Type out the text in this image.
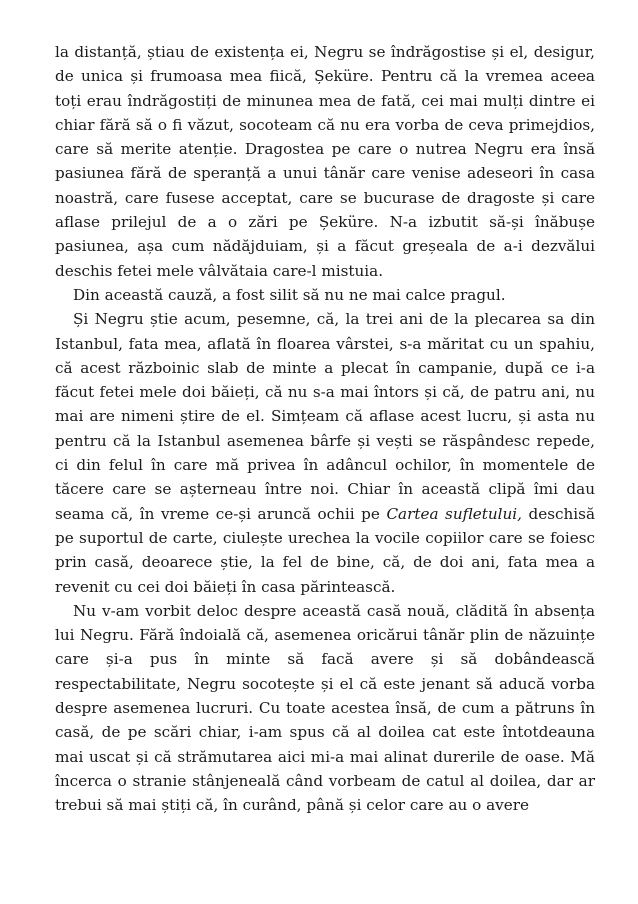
la distanță, știau de existența ei, Negru se îndrăgostise și el, desigur, de unica și frumoasa mea fiică, Șeküre. Pentru că la vremea aceea toți erau îndrăgostiți de minunea mea de fată, cei mai mulți dintre ei chiar fără să o fi văzut, socoteam că nu era vorba de ceva primejdios, care să merite atenție. Dragostea pe care o nutrea Negru era însă pasiunea fără de speranță a unui tânăr care venise adeseori în casa noastră, care fusese acceptat, care se bucurase de dragoste și care aflase prilejul de a o zări pe Șeküre. N-a izbutit să-și înăbușe pasiunea, așa cum nădăjduiam, și a făcut greșeala de a-i dezvălui deschis fetei mele vâlvătaia care-l mistuia.

Din această cauză, a fost silit să nu ne mai calce pragul.

Și Negru știe acum, pesemne, că, la trei ani de la plecarea sa din Istanbul, fata mea, aflată în floarea vârstei, s-a măritat cu un spahiu, că acest războinic slab de minte a plecat în campanie, după ce i-a făcut fetei mele doi băieți, că nu s-a mai întors și că, de patru ani, nu mai are nimeni știre de el. Simțeam că aflase acest lucru, și asta nu pentru că la Istanbul asemenea bârfe și vești se răspândesc repede, ci din felul în care mă privea în adâncul ochilor, în momentele de tăcere care se așterneau între noi. Chiar în această clipă îmi dau seama că, în vreme ce-și aruncă ochii pe Cartea sufletului, deschisă pe suportul de carte, ciulește urechea la vocile copiilor care se foiesc prin casă, deoarece știe, la fel de bine, că, de doi ani, fata mea a revenit cu cei doi băieți în casa părintească.

Nu v-am vorbit deloc despre această casă nouă, clădită în absența lui Negru. Fără îndoială că, asemenea oricărui tânăr plin de năzuințe care și-a pus în minte să facă avere și să dobândească respectabilitate, Negru socotește și el că este jenant să aducă vorba despre asemenea lucruri. Cu toate acestea însă, de cum a pătruns în casă, de pe scări chiar, i-am spus că al doilea cat este întotdeauna mai uscat și că strămutarea aici mi-a mai alinat durerile de oase. Mă încerca o stranie stânjeneală când vorbeam de catul al doilea, dar ar trebui să mai știți că, în curând, până și celor care au o avere
